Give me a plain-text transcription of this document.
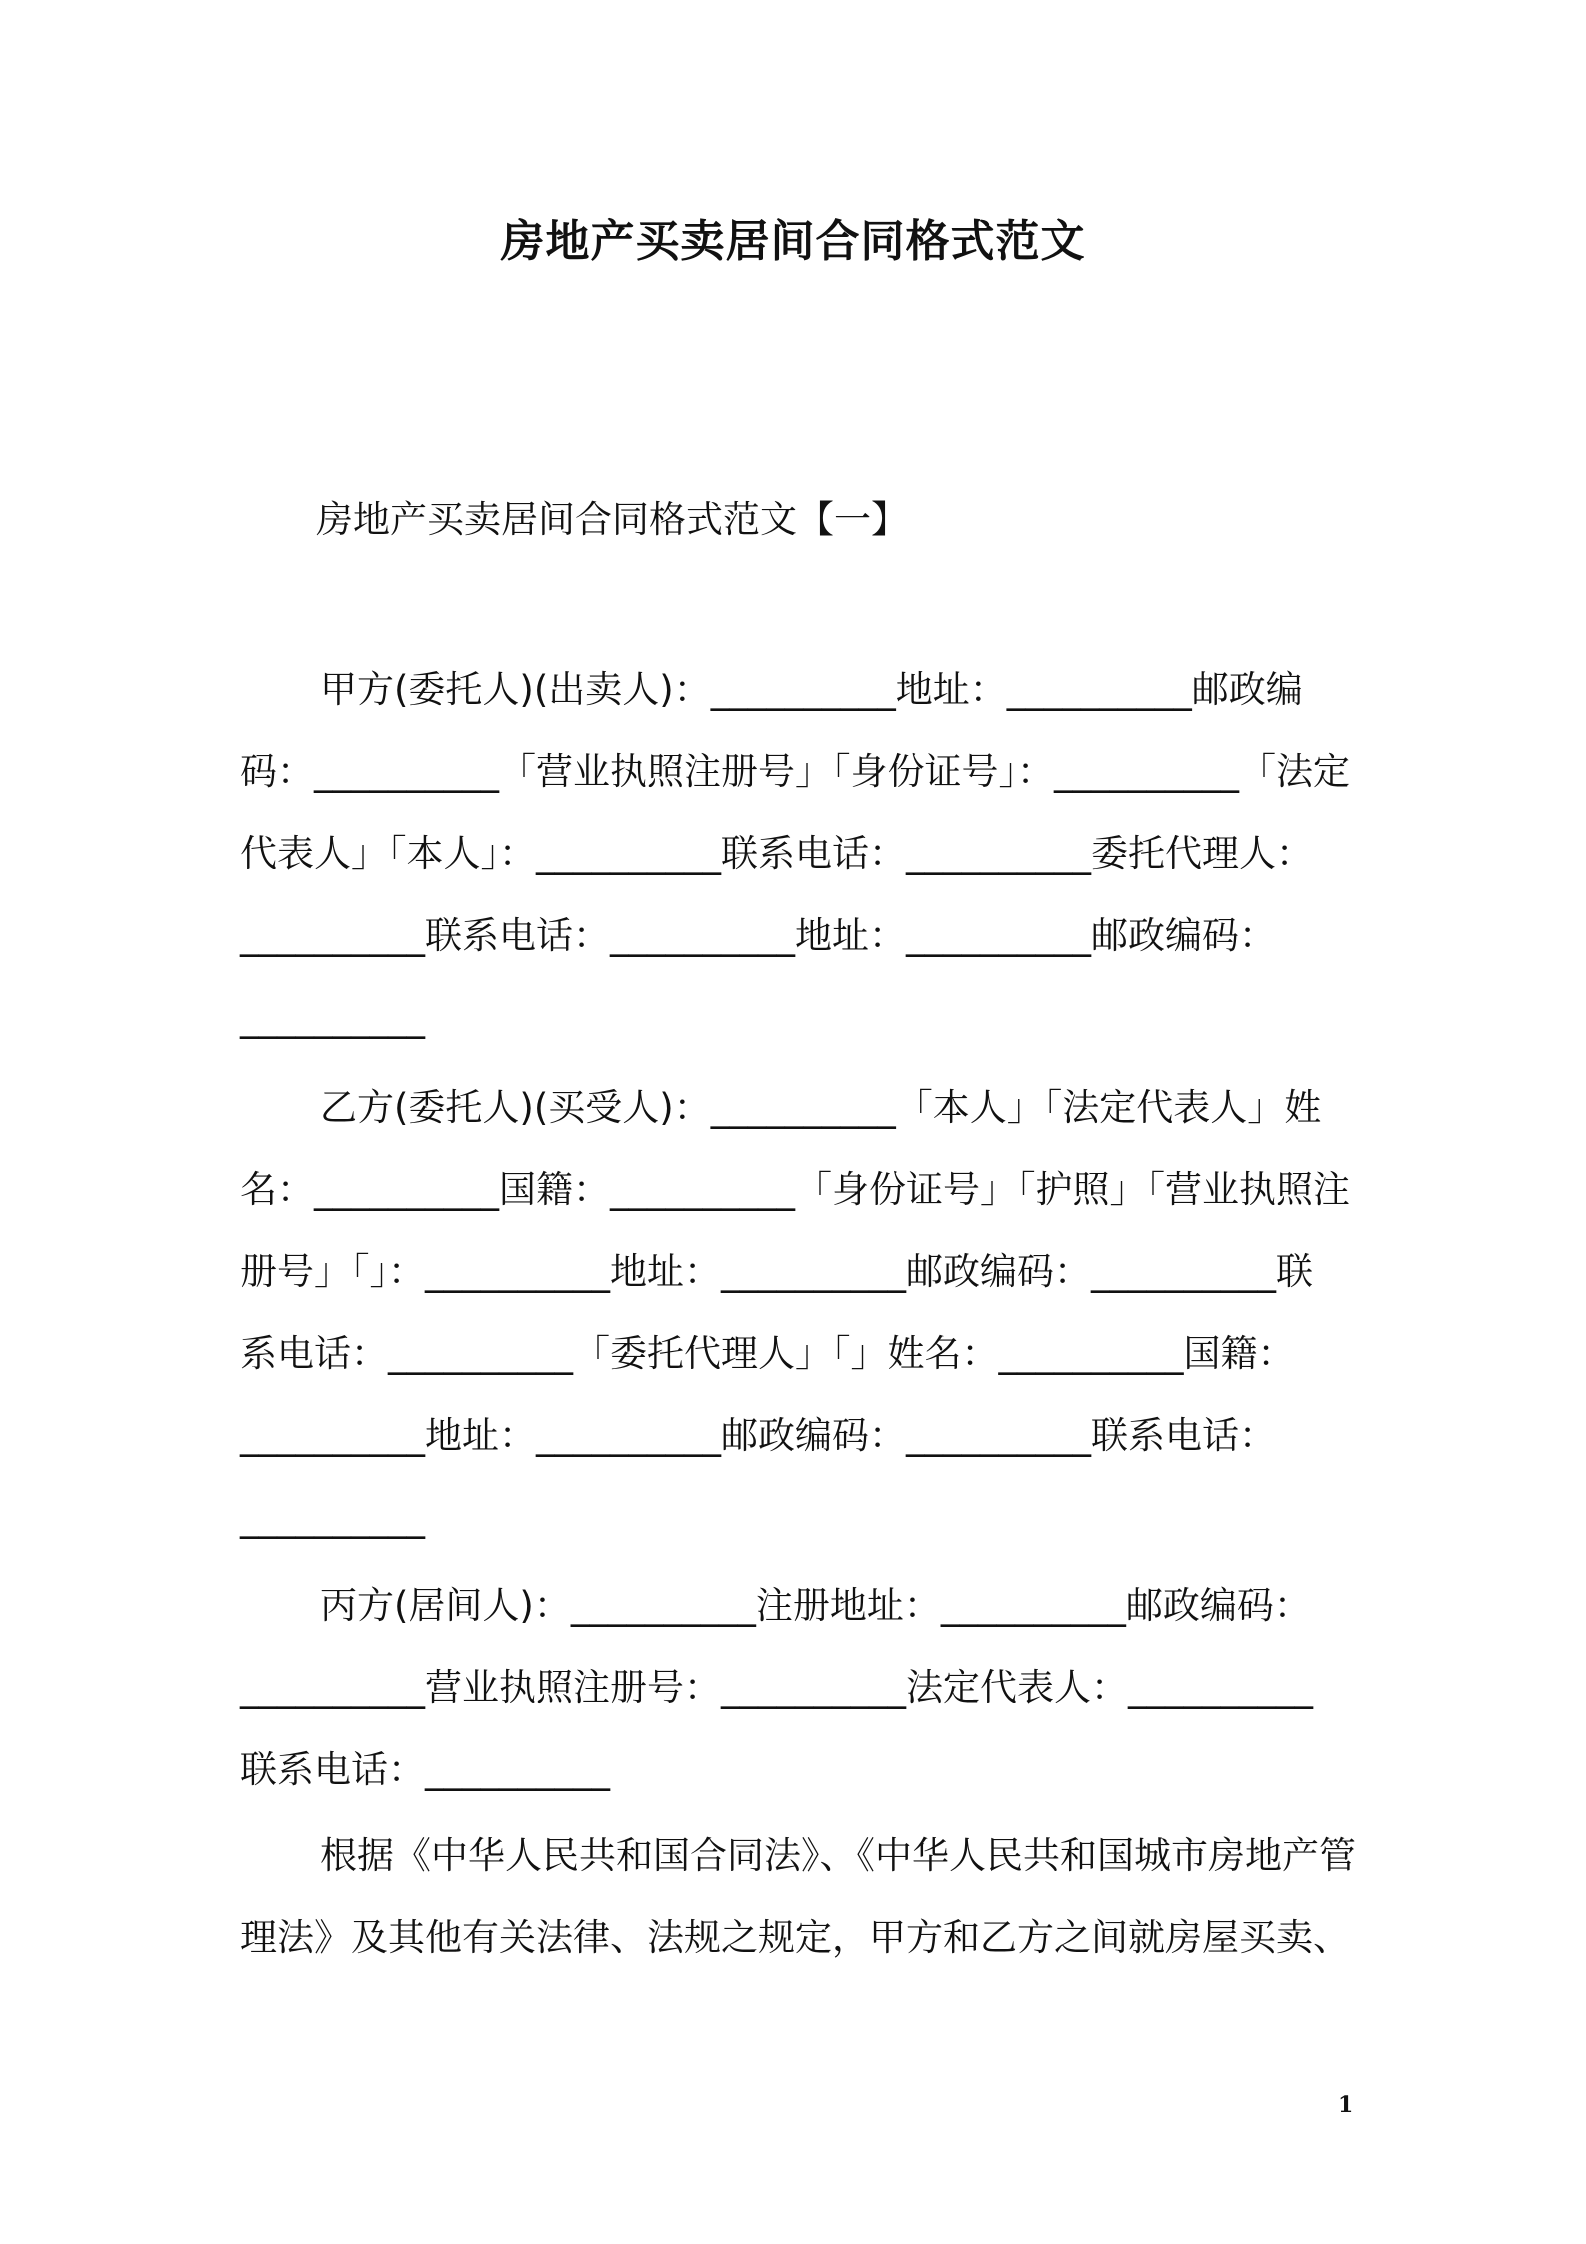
房地产买卖居间合同格式范文
房地产买卖居间合同格式范文【一】
甲方(委托人)(出卖人)：__________地址：__________邮政编
码：__________「营业执照注册号」「身份证号」：__________「法定
代表人」「本人」：__________联系电话：__________委托代理人：
__________联系电话：__________地址：__________邮政编码：
__________
乙方(委托人)(买受人)：__________「本人」「法定代表人」姓
名：__________国籍：__________「身份证号」「护照」「营业执照注
册号」「」：__________地址：__________邮政编码：__________联
系电话：__________「委托代理人」「」姓名：__________国籍：
__________地址：__________邮政编码：__________联系电话：
__________
丙方(居间人)：__________注册地址：__________邮政编码：
__________营业执照注册号：__________法定代表人：__________
联系电话：__________
根据《中华人民共和国合同法》、《中华人民共和国城市房地产管
理法》及其他有关法律、法规之规定，甲方和乙方之间就房屋买卖、
1
